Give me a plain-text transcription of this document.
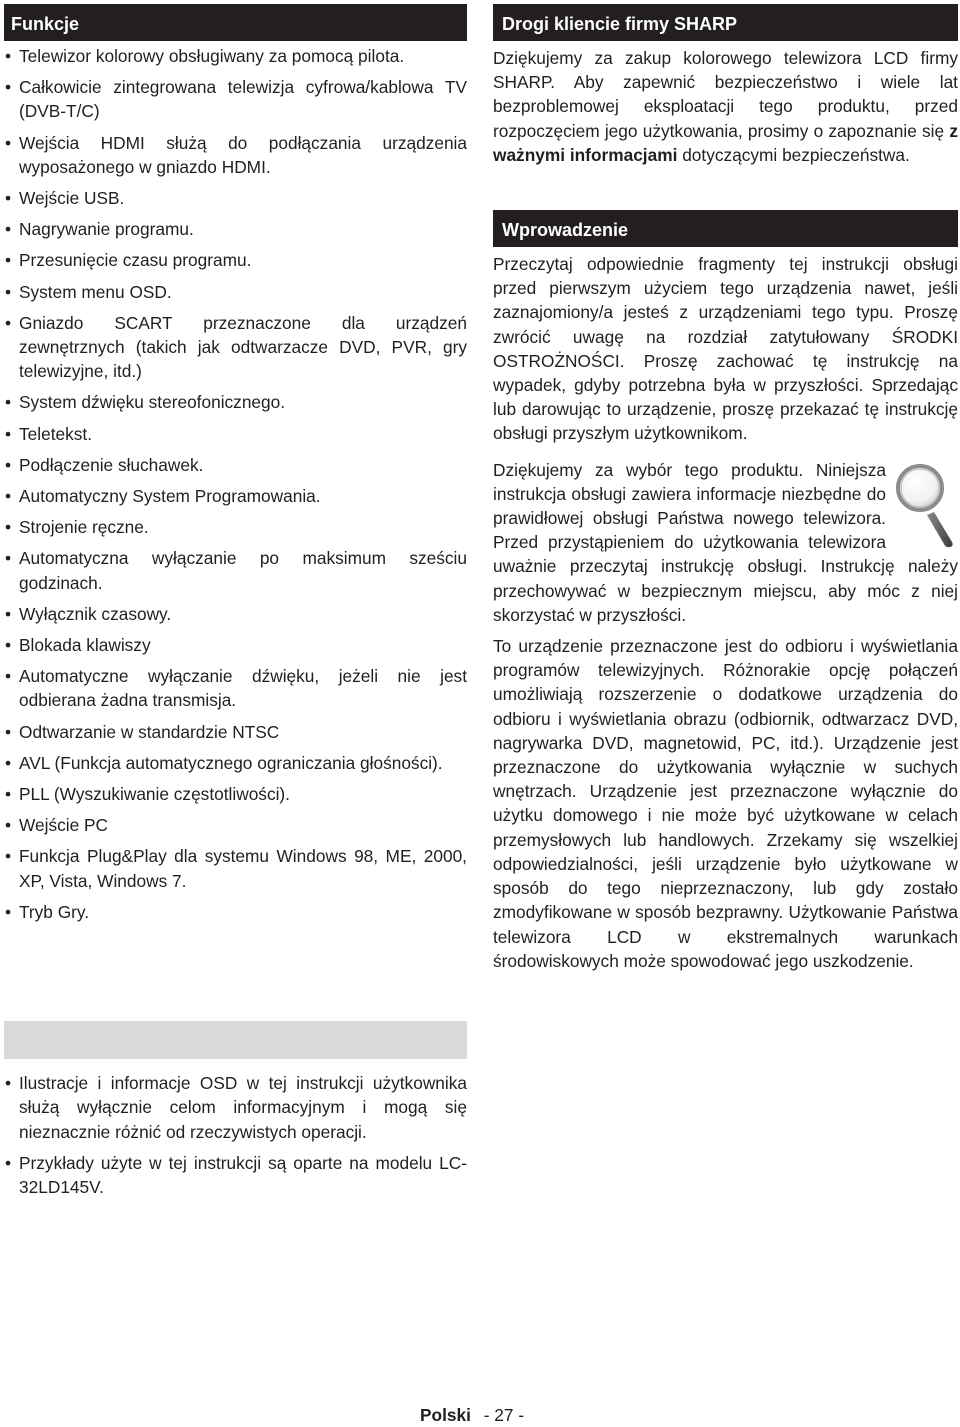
Funkcje
• Telewizor kolorowy obsługiwany za pomocą pilota.
• Całkowicie zintegrowana telewizja cyfrowa/kablowa TV (DVB-T/C)
• Wejścia HDMI służą do podłączania urządzenia wyposażonego w gniazdo HDMI.
• Wejście USB.
• Nagrywanie programu.
• Przesunięcie czasu programu.
• System menu OSD.
• Gniazdo SCART przeznaczone dla urządzeń zewnętrznych (takich jak odtwarzacze DVD, PVR, gry telewizyjne, itd.)
• System dźwięku stereofonicznego.
• Teletekst.
• Podłączenie słuchawek.
• Automatyczny System Programowania.
• Strojenie ręczne.
• Automatyczna wyłączanie po maksimum sześciu godzinach.
• Wyłącznik czasowy.
• Blokada klawiszy
• Automatyczne wyłączanie dźwięku, jeżeli nie jest odbierana żadna transmisja.
• Odtwarzanie w standardzie NTSC
• AVL (Funkcja automatycznego ograniczania głośności).
• PLL (Wyszukiwanie częstotliwości).
• Wejście PC
• Funkcja Plug&Play dla systemu Windows 98, ME, 2000, XP, Vista, Windows 7.
• Tryb Gry.
• Ilustracje i informacje OSD w tej instrukcji użytkownika służą wyłącznie celom informacyjnym i mogą się nieznacznie różnić od rzeczywistych operacji.
• Przykłady użyte w tej instrukcji są oparte na modelu LC-32LD145V.
Drogi kliencie firmy SHARP

Dziękujemy za zakup kolorowego telewizora LCD firmy SHARP. Aby zapewnić bezpieczeństwo i wiele lat bezproblemowej eksploatacji tego produktu, przed rozpoczęciem jego użytkowania, prosimy o zapoznanie się z ważnymi informacjami dotyczącymi bezpieczeństwa.

Wprowadzenie

Przeczytaj odpowiednie fragmenty tej instrukcji obsługi przed pierwszym użyciem tego urządzenia nawet, jeśli zaznajomiony/a jesteś z urządzeniami tego typu. Proszę zwrócić uwagę na rozdział zatytułowany ŚRODKI OSTROŻNOŚCI. Proszę zachować tę instrukcję na wypadek, gdyby potrzebna była w przyszłości. Sprzedając lub darowując to urządzenie, proszę przekazać tę instrukcję obsługi przyszłym użytkownikom.

Dziękujemy za wybór tego produktu. Niniejsza instrukcja obsługi zawiera informacje niezbędne do prawidłowej obsługi Państwa nowego telewizora. Przed przystąpieniem do użytkowania telewizora uważnie przeczytaj instrukcję obsługi. Instrukcję należy przechowywać w bezpiecznym miejscu, aby móc z niej skorzystać w przyszłości.

To urządzenie przeznaczone jest do odbioru i wyświetlania programów telewizyjnych. Różnorakie opcję połączeń umożliwiają rozszerzenie o dodatkowe urządzenia do odbioru i wyświetlania obrazu (odbiornik, odtwarzacz DVD, nagrywarka DVD, magnetowid, PC, itd.). Urządzenie jest przeznaczone do użytkowania wyłącznie w suchych wnętrzach. Urządzenie jest przeznaczone wyłącznie do użytku domowego i nie może być użytkowane w celach przemysłowych lub handlowych. Zrzekamy się wszelkiej odpowiedzialności, jeśli urządzenie było użytkowane w sposób do tego nieprzeznaczony, lub gdy zostało zmodyfikowane w sposób bezprawny. Użytkowanie Państwa telewizora LCD w ekstremalnych warunkach środowiskowych może spowodować jego uszkodzenie.

Polski - 27 -
